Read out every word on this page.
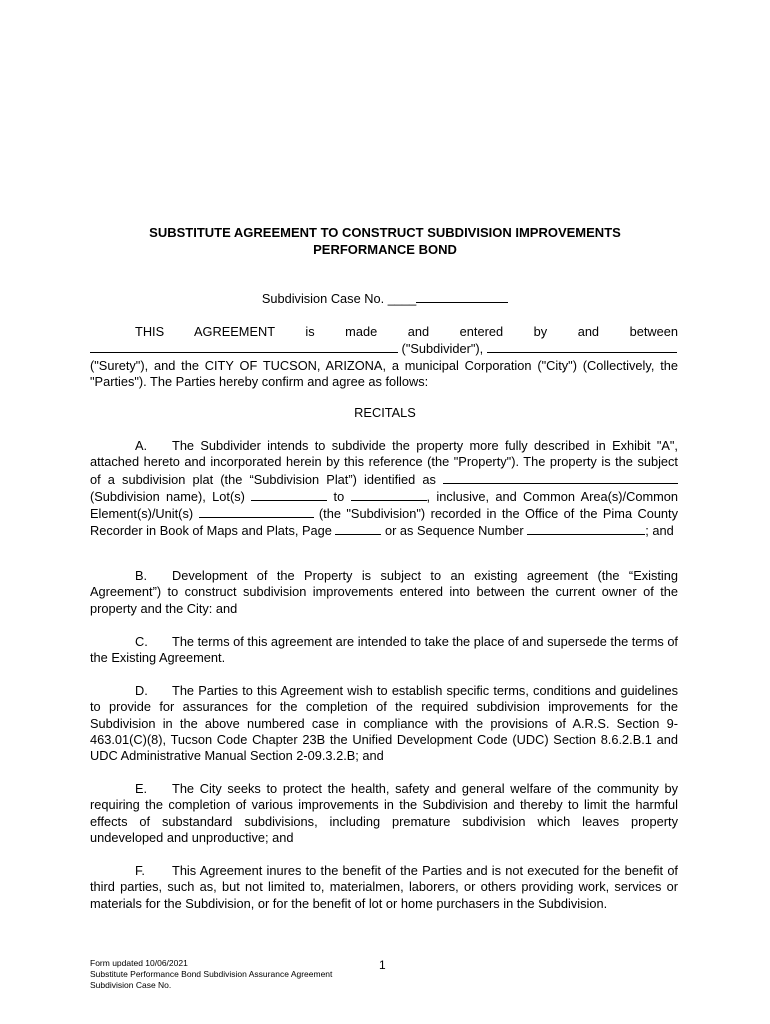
SUBSTITUTE AGREEMENT TO CONSTRUCT SUBDIVISION IMPROVEMENTS
PERFORMANCE BOND
Subdivision Case No. ____
THIS AGREEMENT is made and entered by and between
("Subdivider"),
("Surety"), and the CITY OF TUCSON, ARIZONA, a municipal Corporation ("City") (Collectively, the "Parties"). The Parties hereby confirm and agree as follows:
RECITALS
A. The Subdivider intends to subdivide the property more fully described in Exhibit "A", attached hereto and incorporated herein by this reference (the "Property"). The property is the subject of a subdivision plat (the “Subdivision Plat”) identified as  (Subdivision name), Lot(s)	to	, inclusive, and Common Area(s)/Common Element(s)/Unit(s)	(the "Subdivision") recorded in the Office of the Pima County Recorder in Book of Maps and Plats, Page	or as Sequence Number	; and
B. Development of the Property is subject to an existing agreement (the “Existing Agreement”) to construct subdivision improvements entered into between the current owner of the property and the City: and
C. The terms of this agreement are intended to take the place of and supersede the terms of the Existing Agreement.
D. The Parties to this Agreement wish to establish specific terms, conditions and guidelines to provide for assurances for the completion of the required subdivision improvements for the Subdivision in the above numbered case in compliance with the provisions of A.R.S. Section 9-463.01(C)(8), Tucson Code Chapter 23B the Unified Development Code (UDC) Section 8.6.2.B.1 and UDC Administrative Manual Section 2-09.3.2.B; and
E. The City seeks to protect the health, safety and general welfare of the community by requiring the completion of various improvements in the Subdivision and thereby to limit the harmful effects of substandard subdivisions, including premature subdivision which leaves property undeveloped and unproductive; and
F. This Agreement inures to the benefit of the Parties and is not executed for the benefit of third parties, such as, but not limited to, materialmen, laborers, or others providing work, services or materials for the Subdivision, or for the benefit of lot or home purchasers in the Subdivision.
Form updated 10/06/2021
Substitute Performance Bond Subdivision Assurance Agreement
Subdivision Case No.
1
